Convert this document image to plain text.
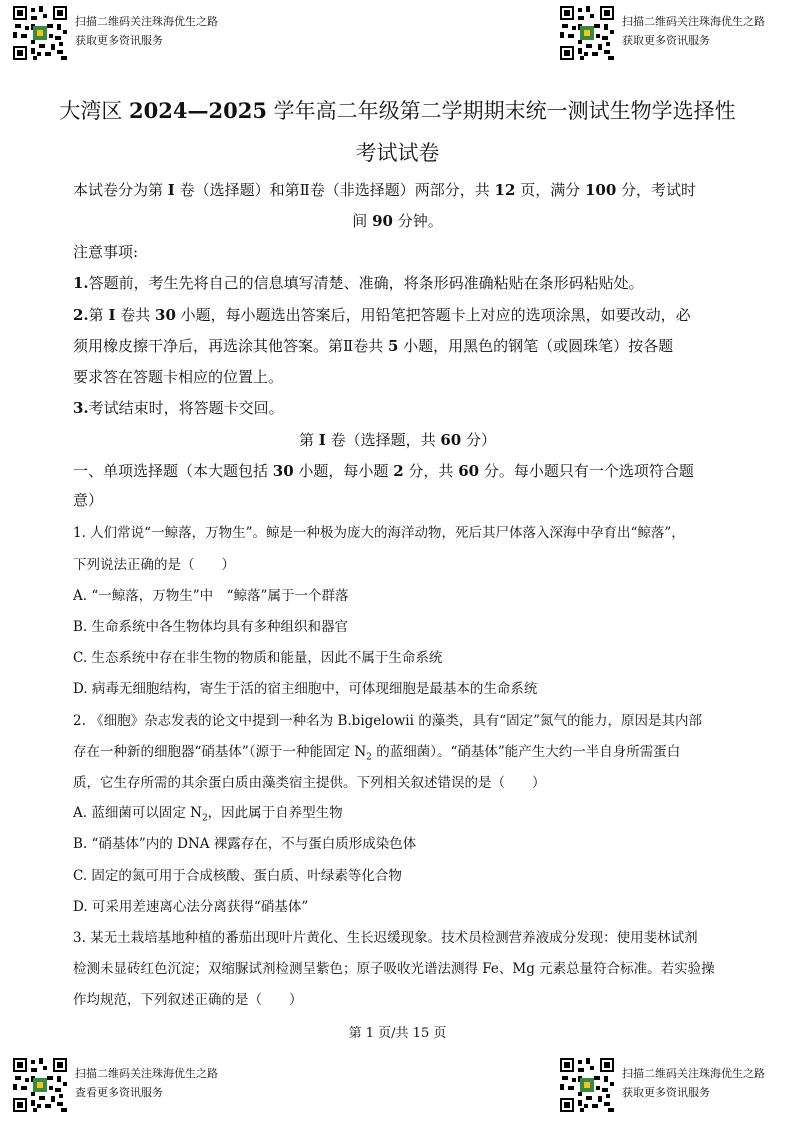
扫描二维码关注珠海优生之路
获取更多资讯服务
扫描二维码关注珠海优生之路
获取更多资讯服务
大湾区 2024—2025 学年高二年级第二学期期末统一测试生物学选择性
考试试卷
本试卷分为第 I 卷（选择题）和第Ⅱ卷（非选择题）两部分，共 12 页，满分 100 分，考试时
间 90 分钟。
注意事项:
1.答题前，考生先将自己的信息填写清楚、准确，将条形码准确粘贴在条形码粘贴处。
2.第 I 卷共 30 小题，每小题选出答案后，用铅笔把答题卡上对应的选项涂黑，如要改动，必
须用橡皮擦干净后，再选涂其他答案。第Ⅱ卷共 5 小题，用黑色的钢笔（或圆珠笔）按各题
要求答在答题卡相应的位置上。
3.考试结束时，将答题卡交回。
第 I 卷（选择题，共 60 分）
一、单项选择题（本大题包括 30 小题，每小题 2 分，共 60 分。每小题只有一个选项符合题
意）
1. 人们常说“一鲸落，万物生”。鲸是一种极为庞大的海洋动物，死后其尸体落入深海中孕育出“鲸落”，
下列说法正确的是（　　）
A. “一鲸落，万物生”中　“鲸落”属于一个群落
B. 生命系统中各生物体均具有多种组织和器官
C. 生态系统中存在非生物的物质和能量，因此不属于生命系统
D. 病毒无细胞结构，寄生于活的宿主细胞中，可体现细胞是最基本的生命系统
2. 《细胞》杂志发表的论文中提到一种名为 B.bigelowii 的藻类，具有“固定”氮气的能力，原因是其内部
存在一种新的细胞器“硝基体”（源于一种能固定 $N_2$ 的蓝细菌）。“硝基体”能产生大约一半自身所需蛋白
质，它生存所需的其余蛋白质由藻类宿主提供。下列相关叙述错误的是（　　）
A. 蓝细菌可以固定 $N_2$，因此属于自养型生物
B. “硝基体”内的 DNA 裸露存在，不与蛋白质形成染色体
C. 固定的氮可用于合成核酸、蛋白质、叶绿素等化合物
D. 可采用差速离心法分离获得“硝基体”
3. 某无土栽培基地种植的番茄出现叶片黄化、生长迟缓现象。技术员检测营养液成分发现：使用斐林试剂
检测未显砖红色沉淀；双缩脲试剂检测呈紫色；原子吸收光谱法测得 Fe、Mg 元素总量符合标准。若实验操
作均规范，下列叙述正确的是（　　）
第 1 页/共 15 页
扫描二维码关注珠海优生之路
查看更多资讯服务
扫描二维码关注珠海优生之路
获取更多资讯服务
